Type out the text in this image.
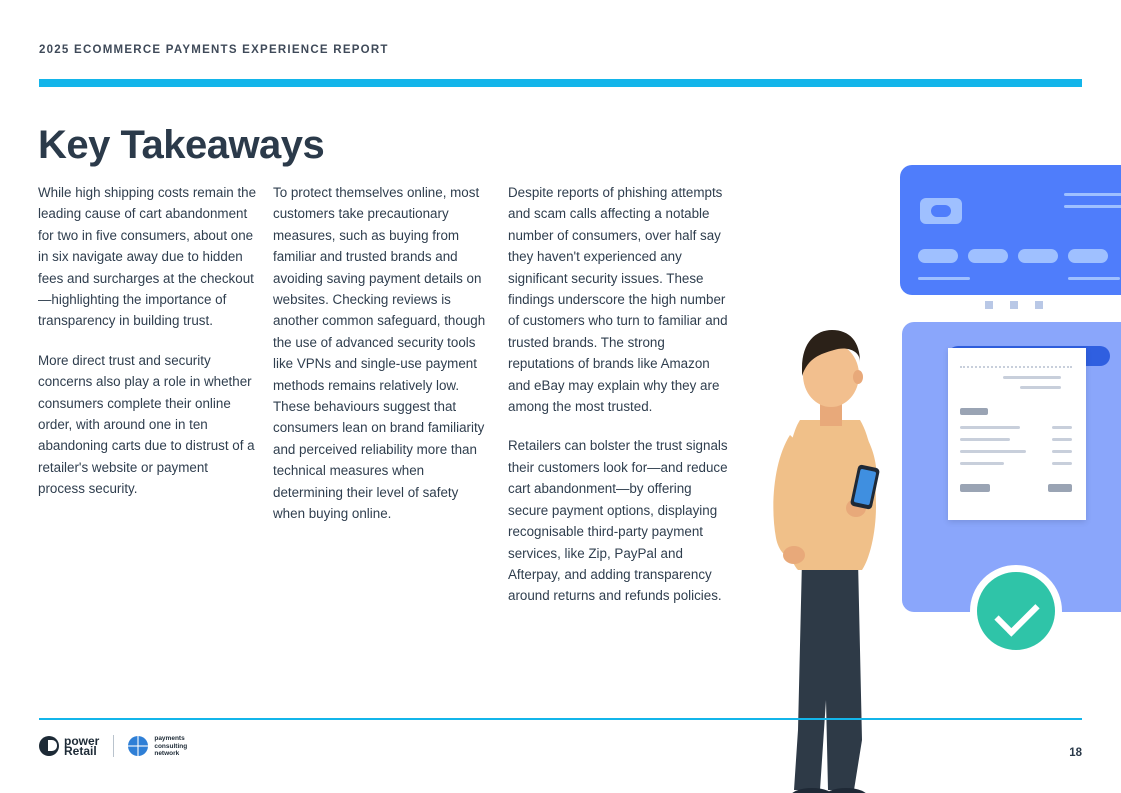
2025 ECOMMERCE PAYMENTS EXPERIENCE REPORT
Key Takeaways

While high shipping costs remain the leading cause of cart abandonment for two in five consumers, about one in six navigate away due to hidden fees and surcharges at the checkout—highlighting the importance of transparency in building trust.

More direct trust and security concerns also play a role in whether consumers complete their online order, with around one in ten abandoning carts due to distrust of a retailer's website or payment process security.

To protect themselves online, most customers take precautionary measures, such as buying from familiar and trusted brands and avoiding saving payment details on websites. Checking reviews is another common safeguard, though the use of advanced security tools like VPNs and single-use payment methods remains relatively low. These behaviours suggest that consumers lean on brand familiarity and perceived reliability more than technical measures when determining their level of safety when buying online.

Despite reports of phishing attempts and scam calls affecting a notable number of consumers, over half say they haven't experienced any significant security issues. These findings underscore the high number of customers who turn to familiar and trusted brands. The strong reputations of brands like Amazon and eBay may explain why they are among the most trusted.

Retailers can bolster the trust signals their customers look for—and reduce cart abandonment—by offering secure payment options, displaying recognisable third-party payment services, like Zip, PayPal and Afterpay, and adding transparency around returns and refunds policies.

power
Retail
payments
consulting
network	18
